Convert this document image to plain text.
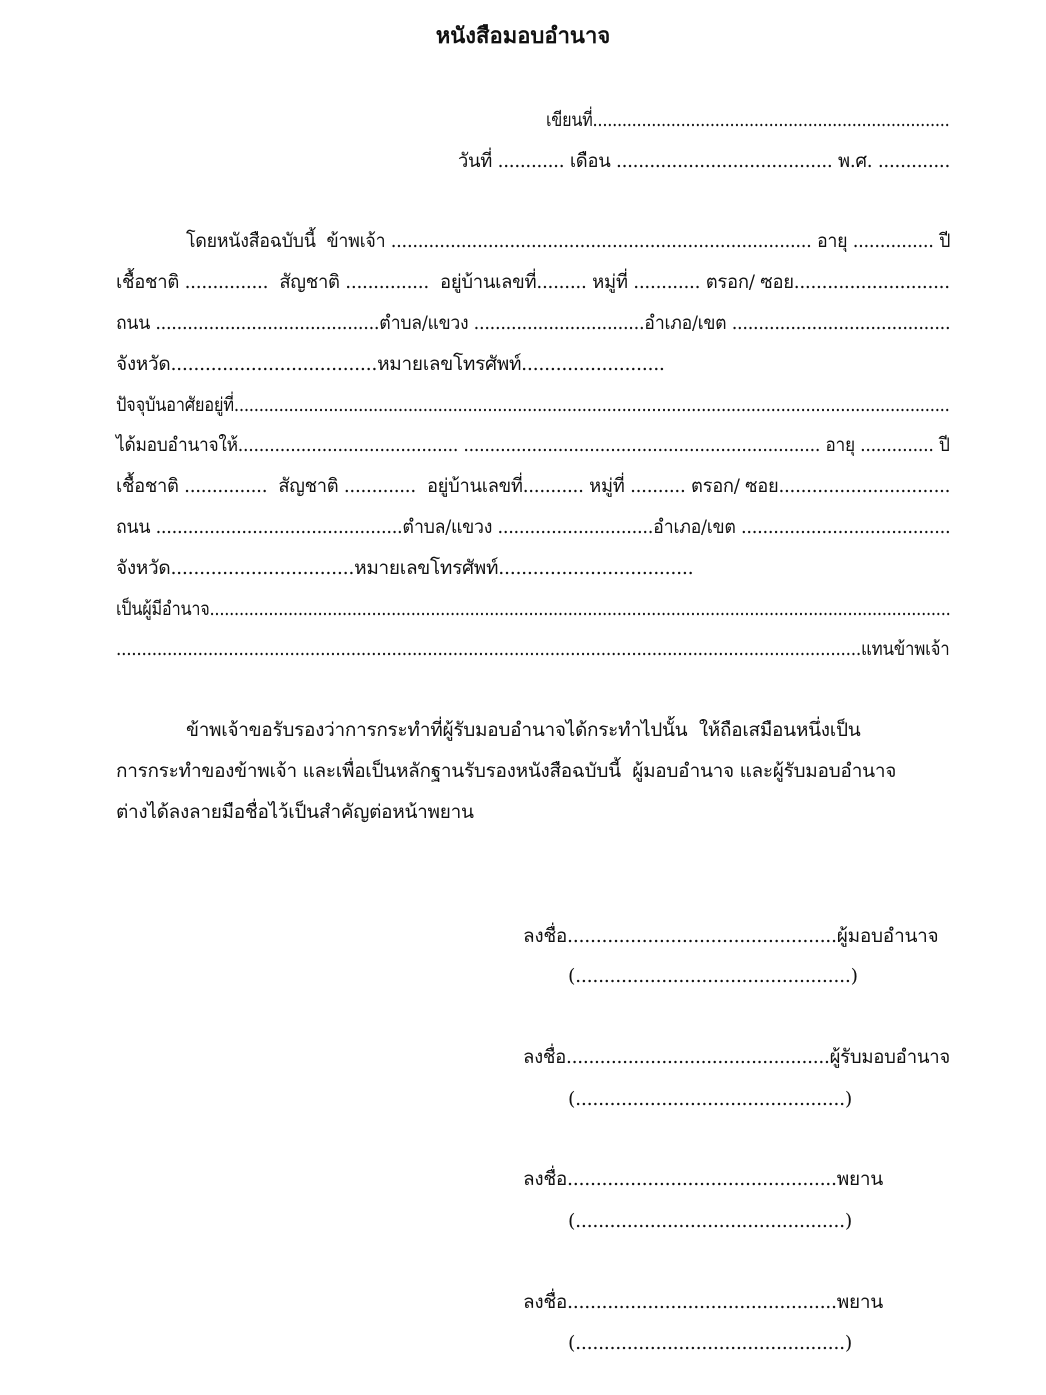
หนังสือมอบอำนาจ
เขียนที่.........................................................................
วันที่ ............ เดือน ....................................... พ.ศ. .............
โดยหนังสือฉบับนี้  ข้าพเจ้า .............................................................................. อายุ ............... ปี
เชื้อชาติ ...............  สัญชาติ ...............  อยู่บ้านเลขที่......... หมู่ที่ ............ ตรอก/ ซอย............................
ถนน ..........................................ตำบล/แขวง ................................อำเภอ/เขต .........................................
จังหวัด....................................หมายเลขโทรศัพท์.........................
ปัจจุบันอาศัยอยู่ที่................................................................................................................................................
ได้มอบอำนาจให้.......................................... .................................................................... อายุ .............. ปี
เชื้อชาติ ...............  สัญชาติ .............  อยู่บ้านเลขที่........... หมู่ที่ .......... ตรอก/ ซอย...............................
ถนน ..............................................ตำบล/แขวง .............................อำเภอ/เขต .......................................
จังหวัด................................หมายเลขโทรศัพท์..................................
เป็นผู้มีอำนาจ.......................................................................................................................................................
..................................................................................................................................................แทนข้าพเจ้า
ข้าพเจ้าขอรับรองว่าการกระทำที่ผู้รับมอบอำนาจได้กระทำไปนั้น  ให้ถือเสมือนหนึ่งเป็น
การกระทำของข้าพเจ้า และเพื่อเป็นหลักฐานรับรองหนังสือฉบับนี้  ผู้มอบอำนาจ และผู้รับมอบอำนาจ
ต่างได้ลงลายมือชื่อไว้เป็นสำคัญต่อหน้าพยาน
ลงชื่อ...............................................ผู้มอบอำนาจ
(................................................)
ลงชื่อ...............................................ผู้รับมอบอำนาจ
(...............................................)
ลงชื่อ...............................................พยาน
(...............................................)
ลงชื่อ...............................................พยาน
(...............................................)
